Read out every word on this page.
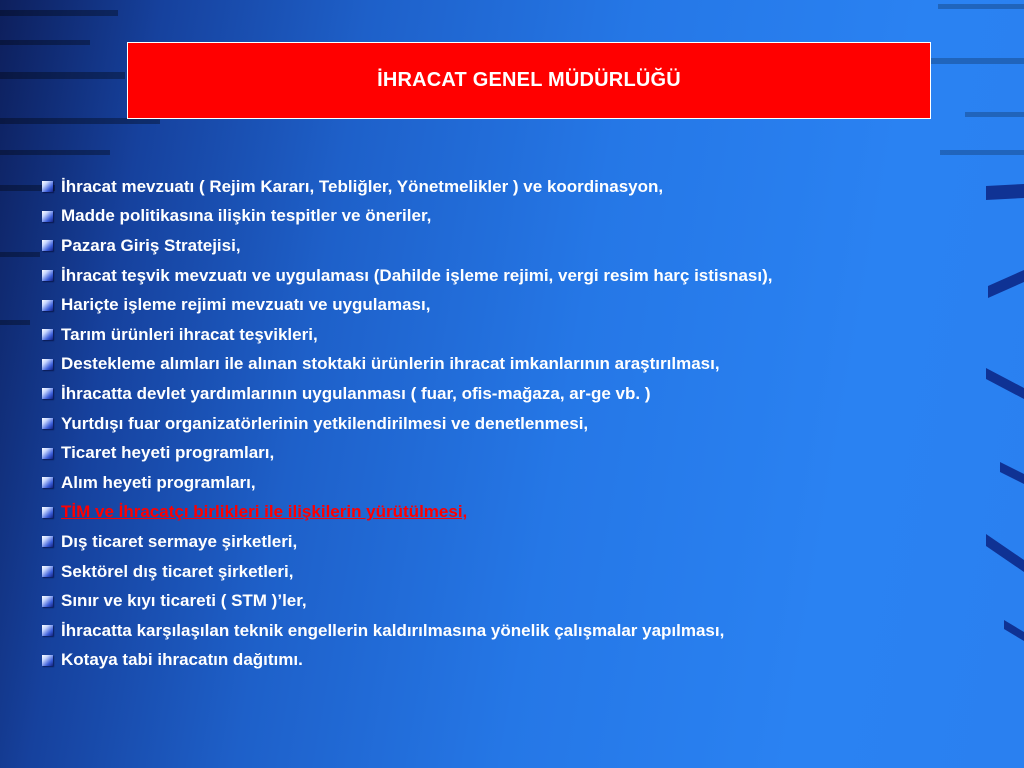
İHRACAT GENEL MÜDÜRLÜĞÜ
İhracat mevzuatı ( Rejim Kararı, Tebliğler, Yönetmelikler ) ve koordinasyon,
Madde politikasına ilişkin tespitler ve öneriler,
Pazara Giriş Stratejisi,
İhracat teşvik mevzuatı ve uygulaması (Dahilde işleme rejimi, vergi resim harç istisnası),
Hariçte işleme rejimi mevzuatı ve uygulaması,
Tarım ürünleri ihracat teşvikleri,
Destekleme alımları ile alınan stoktaki ürünlerin ihracat imkanlarının araştırılması,
İhracatta devlet yardımlarının uygulanması ( fuar, ofis-mağaza, ar-ge vb. )
Yurtdışı fuar organizatörlerinin yetkilendirilmesi ve denetlenmesi,
Ticaret heyeti programları,
Alım heyeti programları,
TİM ve İhracatçı birlikleri ile ilişkilerin yürütülmesi,
Dış ticaret sermaye şirketleri,
Sektörel dış ticaret şirketleri,
Sınır ve kıyı ticareti ( STM )’ler,
İhracatta karşılaşılan teknik engellerin kaldırılmasına yönelik çalışmalar yapılması,
Kotaya tabi ihracatın dağıtımı.
